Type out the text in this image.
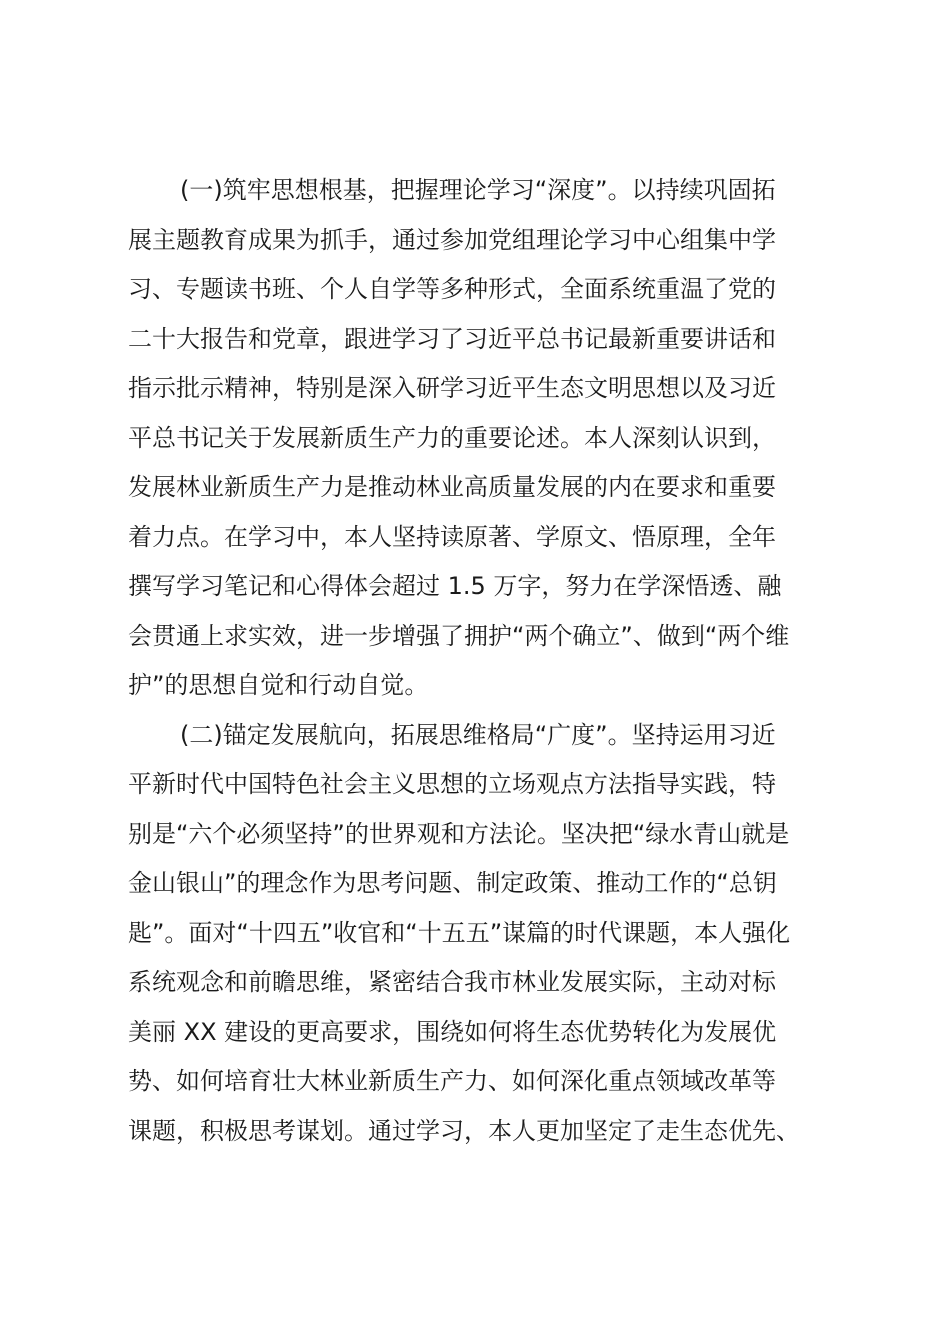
(一)筑牢思想根基，把握理论学习“深度”。以持续巩固拓
展主题教育成果为抓手，通过参加党组理论学习中心组集中学
习、专题读书班、个人自学等多种形式，全面系统重温了党的
二十大报告和党章，跟进学习了习近平总书记最新重要讲话和
指示批示精神，特别是深入研学习近平生态文明思想以及习近
平总书记关于发展新质生产力的重要论述。本人深刻认识到，
发展林业新质生产力是推动林业高质量发展的内在要求和重要
着力点。在学习中，本人坚持读原著、学原文、悟原理，全年
撰写学习笔记和心得体会超过 1.5 万字，努力在学深悟透、融
会贯通上求实效，进一步增强了拥护“两个确立”、做到“两个维
护”的思想自觉和行动自觉。
(二)锚定发展航向，拓展思维格局“广度”。坚持运用习近
平新时代中国特色社会主义思想的立场观点方法指导实践，特
别是“六个必须坚持”的世界观和方法论。坚决把“绿水青山就是
金山银山”的理念作为思考问题、制定政策、推动工作的“总钥
匙”。面对“十四五”收官和“十五五”谋篇的时代课题，本人强化
系统观念和前瞻思维，紧密结合我市林业发展实际，主动对标
美丽 XX 建设的更高要求，围绕如何将生态优势转化为发展优
势、如何培育壮大林业新质生产力、如何深化重点领域改革等
课题，积极思考谋划。通过学习，本人更加坚定了走生态优先、
